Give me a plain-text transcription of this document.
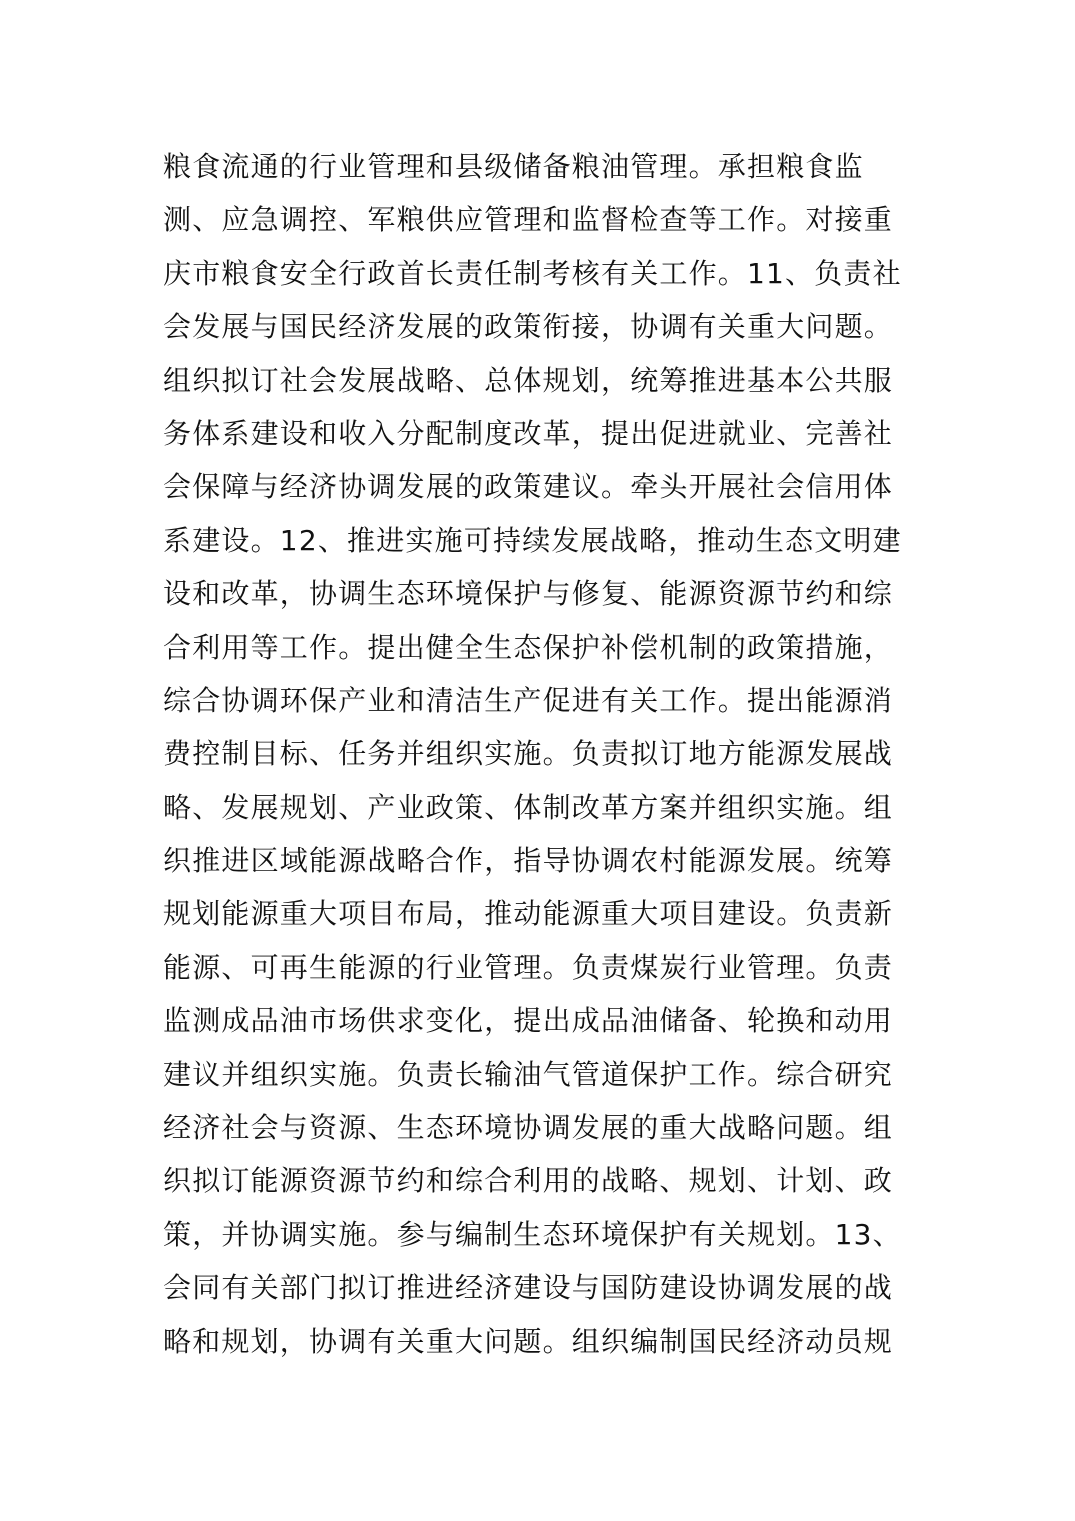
粮食流通的行业管理和县级储备粮油管理。承担粮食监
测、应急调控、军粮供应管理和监督检查等工作。对接重
庆市粮食安全行政首长责任制考核有关工作。11、负责社
会发展与国民经济发展的政策衔接，协调有关重大问题。
组织拟订社会发展战略、总体规划，统筹推进基本公共服
务体系建设和收入分配制度改革，提出促进就业、完善社
会保障与经济协调发展的政策建议。牵头开展社会信用体
系建设。12、推进实施可持续发展战略，推动生态文明建
设和改革，协调生态环境保护与修复、能源资源节约和综
合利用等工作。提出健全生态保护补偿机制的政策措施，
综合协调环保产业和清洁生产促进有关工作。提出能源消
费控制目标、任务并组织实施。负责拟订地方能源发展战
略、发展规划、产业政策、体制改革方案并组织实施。组
织推进区域能源战略合作，指导协调农村能源发展。统筹
规划能源重大项目布局，推动能源重大项目建设。负责新
能源、可再生能源的行业管理。负责煤炭行业管理。负责
监测成品油市场供求变化，提出成品油储备、轮换和动用
建议并组织实施。负责长输油气管道保护工作。综合研究
经济社会与资源、生态环境协调发展的重大战略问题。组
织拟订能源资源节约和综合利用的战略、规划、计划、政
策，并协调实施。参与编制生态环境保护有关规划。13、
会同有关部门拟订推进经济建设与国防建设协调发展的战
略和规划，协调有关重大问题。组织编制国民经济动员规
